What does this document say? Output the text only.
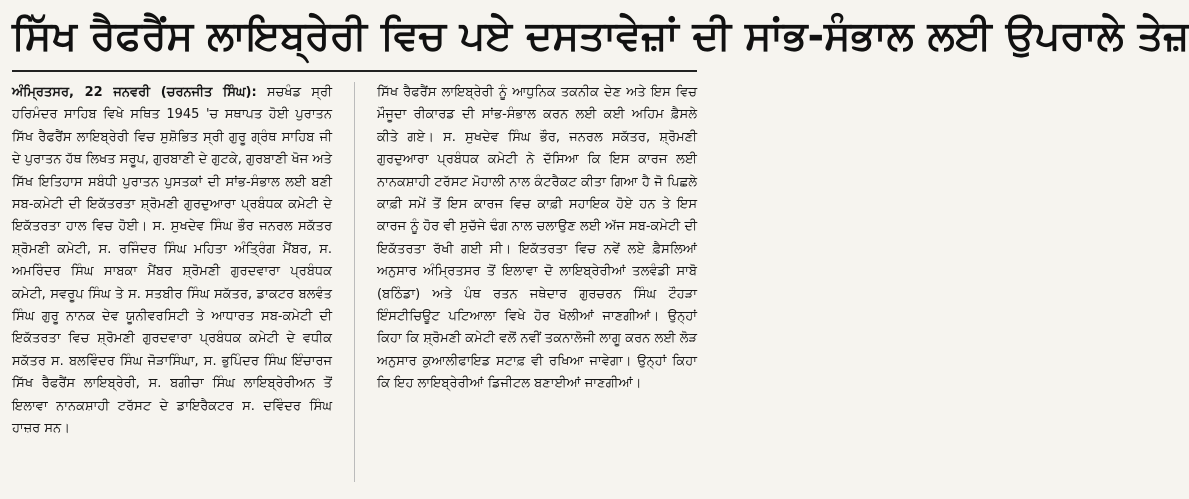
ਸਿੱਖ ਰੈਫਰੈਂਸ ਲਾਇਬ੍ਰੇਰੀ ਵਿਚ ਪਏ ਦਸਤਾਵੇਜ਼ਾਂ ਦੀ ਸਾਂਭ-ਸੰਭਾਲ ਲਈ ਉਪਰਾਲੇ ਤੇਜ਼

ਅੰਮ੍ਰਿਤਸਰ, 22 ਜਨਵਰੀ (ਚਰਨਜੀਤ ਸਿੰਘ): ਸਚਖੰਡ ਸ੍ਰੀ ਹਰਿਮੰਦਰ ਸਾਹਿਬ ਵਿਖੇ ਸਥਿਤ 1945 'ਚ ਸਥਾਪਤ ਹੋਈ ਪੁਰਾਤਨ ਸਿੱਖ ਰੈਫਰੈਂਸ ਲਾਇਬ੍ਰੇਰੀ ਵਿਚ ਸੁਸ਼ੋਭਿਤ ਸ੍ਰੀ ਗੁਰੂ ਗ੍ਰੰਥ ਸਾਹਿਬ ਜੀ ਦੇ ਪੁਰਾਤਨ ਹੱਥ ਲਿਖਤ ਸਰੂਪ, ਗੁਰਬਾਣੀ ਦੇ ਗੁਟਕੇ, ਗੁਰਬਾਣੀ ਖੋਜ ਅਤੇ ਸਿੱਖ ਇਤਿਹਾਸ ਸਬੰਧੀ ਪੁਰਾਤਨ ਪੁਸਤਕਾਂ ਦੀ ਸਾਂਭ-ਸੰਭਾਲ ਲਈ ਬਣੀ ਸਬ-ਕਮੇਟੀ ਦੀ ਇਕੱਤਰਤਾ ਸ਼੍ਰੋਮਣੀ ਗੁਰਦੁਆਰਾ ਪ੍ਰਬੰਧਕ ਕਮੇਟੀ ਦੇ ਇਕੱਤਰਤਾ ਹਾਲ ਵਿਚ ਹੋਈ। ਸ. ਸੁਖਦੇਵ ਸਿੰਘ ਭੌਰ ਜਨਰਲ ਸਕੱਤਰ ਸ਼੍ਰੋਮਣੀ ਕਮੇਟੀ, ਸ. ਰਜਿੰਦਰ ਸਿੰਘ ਮਹਿਤਾ ਅੰਤ੍ਰਿੰਗ ਮੈਂਬਰ, ਸ. ਅਮਰਿੰਦਰ ਸਿੰਘ ਸਾਬਕਾ ਮੈਂਬਰ ਸ਼੍ਰੋਮਣੀ ਗੁਰਦਵਾਰਾ ਪ੍ਰਬੰਧਕ ਕਮੇਟੀ, ਸਵਰੂਪ ਸਿੰਘ ਤੇ ਸ. ਸਤਬੀਰ ਸਿੰਘ ਸਕੱਤਰ, ਡਾਕਟਰ ਬਲਵੰਤ ਸਿੰਘ ਗੁਰੂ ਨਾਨਕ ਦੇਵ ਯੂਨੀਵਰਸਿਟੀ ਤੇ ਆਧਾਰਤ ਸਬ-ਕਮੇਟੀ ਦੀ ਇਕੱਤਰਤਾ ਵਿਚ ਸ਼੍ਰੋਮਣੀ ਗੁਰਦਵਾਰਾ ਪ੍ਰਬੰਧਕ ਕਮੇਟੀ ਦੇ ਵਧੀਕ ਸਕੱਤਰ ਸ. ਬਲਵਿੰਦਰ ਸਿੰਘ ਜੋੜਾਸਿੰਘਾ, ਸ. ਭੁਪਿੰਦਰ ਸਿੰਘ ਇੰਚਾਰਜ ਸਿੱਖ ਰੈਫਰੈਂਸ ਲਾਇਬ੍ਰੇਰੀ, ਸ. ਬਗੀਚਾ ਸਿੰਘ ਲਾਇਬ੍ਰੇਰੀਅਨ ਤੋਂ ਇਲਾਵਾ ਨਾਨਕਸ਼ਾਹੀ ਟਰੱਸਟ ਦੇ ਡਾਇਰੈਕਟਰ ਸ. ਦਵਿੰਦਰ ਸਿੰਘ ਹਾਜ਼ਰ ਸਨ।

ਸਿੱਖ ਰੈਫਰੈਂਸ ਲਾਇਬ੍ਰੇਰੀ ਨੂੰ ਆਧੁਨਿਕ ਤਕਨੀਕ ਦੇਣ ਅਤੇ ਇਸ ਵਿਚ ਮੌਜੂਦਾ ਰੀਕਾਰਡ ਦੀ ਸਾਂਭ-ਸੰਭਾਲ ਕਰਨ ਲਈ ਕਈ ਅਹਿਮ ਫ਼ੈਸਲੇ ਕੀਤੇ ਗਏ। ਸ. ਸੁਖਦੇਵ ਸਿੰਘ ਭੌਰ, ਜਨਰਲ ਸਕੱਤਰ, ਸ਼੍ਰੋਮਣੀ ਗੁਰਦੁਆਰਾ ਪ੍ਰਬੰਧਕ ਕਮੇਟੀ ਨੇ ਦੱਸਿਆ ਕਿ ਇਸ ਕਾਰਜ ਲਈ ਨਾਨਕਸ਼ਾਹੀ ਟਰੱਸਟ ਮੋਹਾਲੀ ਨਾਲ ਕੰਟਰੈਕਟ ਕੀਤਾ ਗਿਆ ਹੈ ਜੋ ਪਿਛਲੇ ਕਾਫ਼ੀ ਸਮੇਂ ਤੋਂ ਇਸ ਕਾਰਜ ਵਿਚ ਕਾਫ਼ੀ ਸਹਾਇਕ ਹੋਏ ਹਨ ਤੇ ਇਸ ਕਾਰਜ ਨੂੰ ਹੋਰ ਵੀ ਸੁਚੱਜੇ ਢੰਗ ਨਾਲ ਚਲਾਉਣ ਲਈ ਅੱਜ ਸਬ-ਕਮੇਟੀ ਦੀ ਇਕੱਤਰਤਾ ਰੱਖੀ ਗਈ ਸੀ। ਇਕੱਤਰਤਾ ਵਿਚ ਨਵੇਂ ਲਏ ਫ਼ੈਸਲਿਆਂ ਅਨੁਸਾਰ ਅੰਮ੍ਰਿਤਸਰ ਤੋਂ ਇਲਾਵਾ ਦੋ ਲਾਇਬ੍ਰੇਰੀਆਂ ਤਲਵੰਡੀ ਸਾਬੋ (ਬਠਿੰਡਾ) ਅਤੇ ਪੰਥ ਰਤਨ ਜਥੇਦਾਰ ਗੁਰਚਰਨ ਸਿੰਘ ਟੌਹੜਾ ਇੰਸਟੀਚਿਊਟ ਪਟਿਆਲਾ ਵਿਖੇ ਹੋਰ ਖੋਲੀਆਂ ਜਾਣਗੀਆਂ। ਉਨ੍ਹਾਂ ਕਿਹਾ ਕਿ ਸ਼੍ਰੋਮਣੀ ਕਮੇਟੀ ਵਲੋਂ ਨਵੀਂ ਤਕਨਾਲੋਜੀ ਲਾਗੂ ਕਰਨ ਲਈ ਲੋੜ ਅਨੁਸਾਰ ਕੁਆਲੀਫਾਇਡ ਸਟਾਫ਼ ਵੀ ਰਖਿਆ ਜਾਵੇਗਾ। ਉਨ੍ਹਾਂ ਕਿਹਾ ਕਿ ਇਹ ਲਾਇਬ੍ਰੇਰੀਆਂ ਡਿਜੀਟਲ ਬਣਾਈਆਂ ਜਾਣਗੀਆਂ।
